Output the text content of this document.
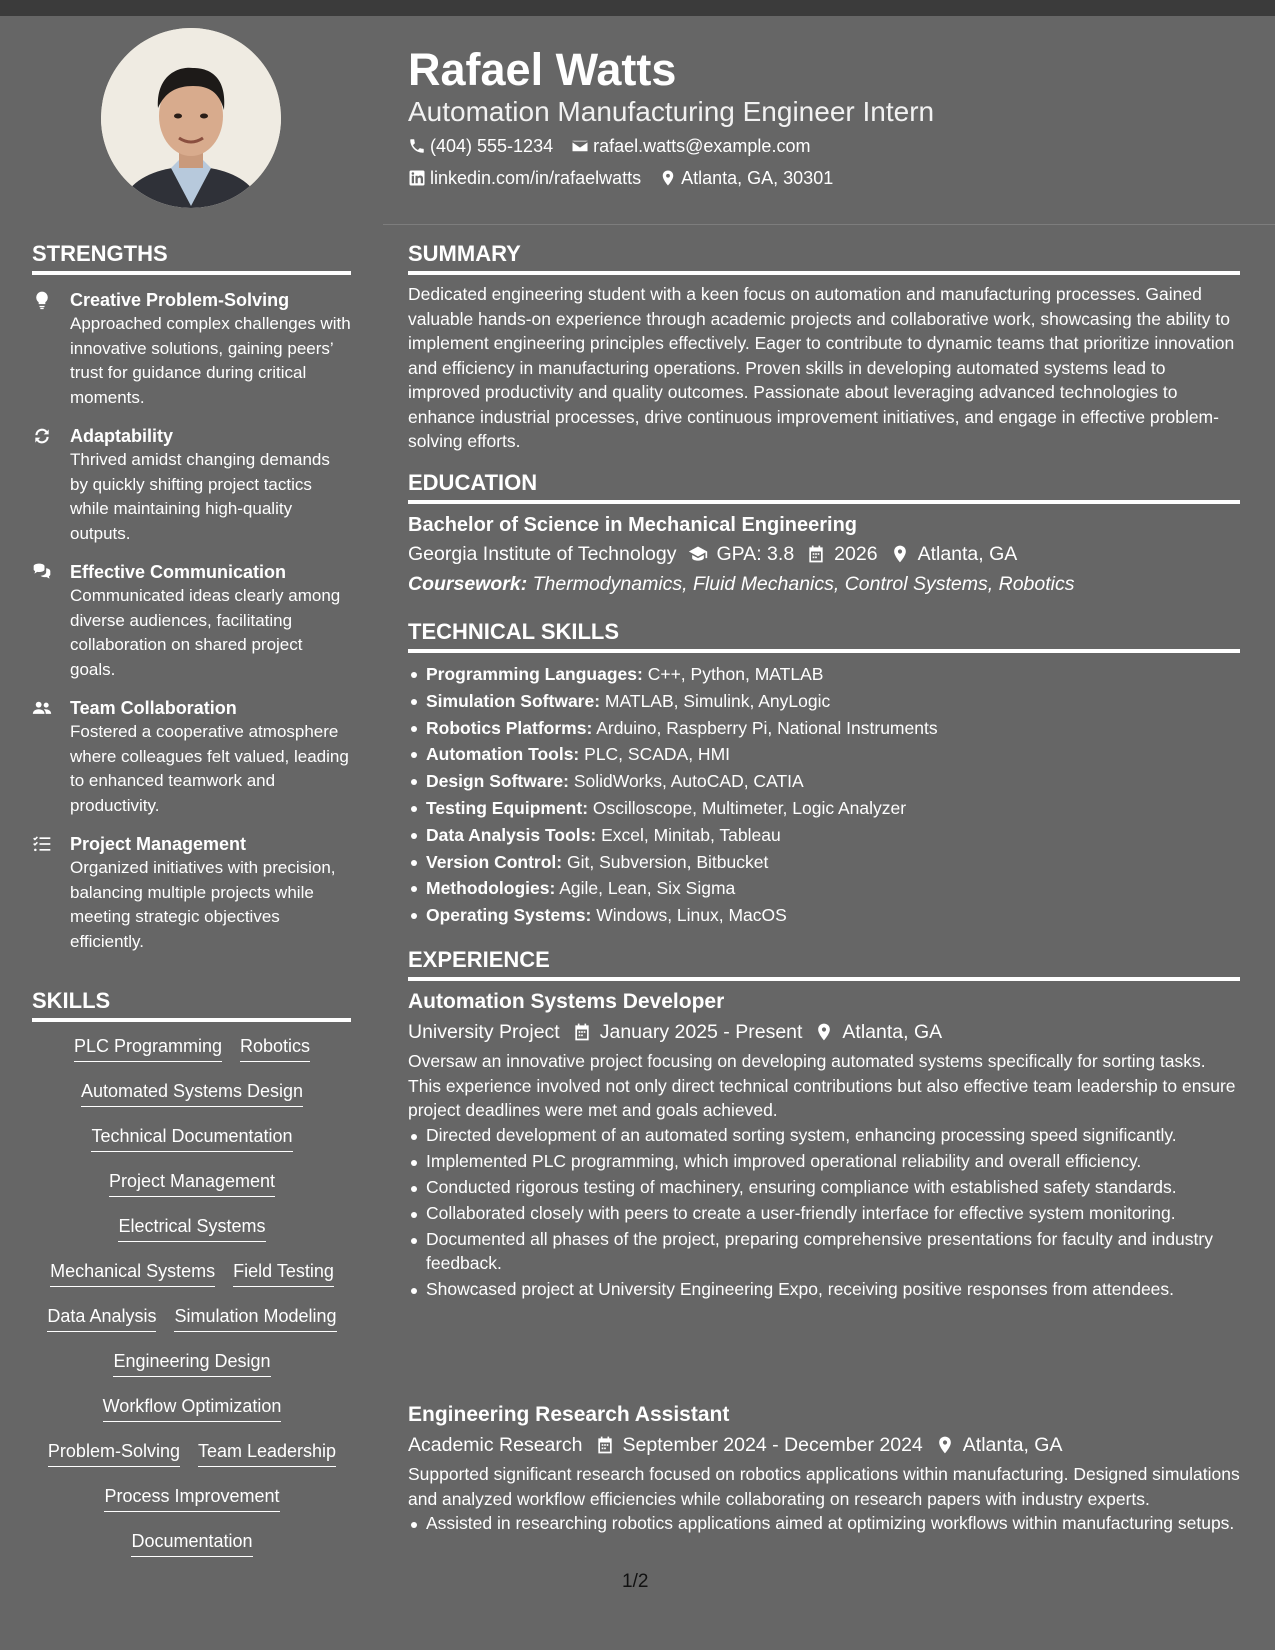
Rafael Watts
Automation Manufacturing Engineer Intern
(404) 555-1234 rafael.watts@example.com
linkedin.com/in/rafaelwatts Atlanta, GA, 30301
STRENGTHS
Creative Problem-Solving
Approached complex challenges with innovative solutions, gaining peers’ trust for guidance during critical moments.
Adaptability
Thrived amidst changing demands by quickly shifting project tactics while maintaining high-quality outputs.
Effective Communication
Communicated ideas clearly among diverse audiences, facilitating collaboration on shared project goals.
Team Collaboration
Fostered a cooperative atmosphere where colleagues felt valued, leading to enhanced teamwork and productivity.
Project Management
Organized initiatives with precision, balancing multiple projects while meeting strategic objectives efficiently.
SKILLS
PLC Programming Robotics
Automated Systems Design
Technical Documentation
Project Management
Electrical Systems
Mechanical Systems Field Testing
Data Analysis Simulation Modeling
Engineering Design
Workflow Optimization
Problem-Solving Team Leadership
Process Improvement
Documentation
SUMMARY

Dedicated engineering student with a keen focus on automation and manufacturing processes. Gained valuable hands-on experience through academic projects and collaborative work, showcasing the ability to implement engineering principles effectively. Eager to contribute to dynamic teams that prioritize innovation and efficiency in manufacturing operations. Proven skills in developing automated systems lead to improved productivity and quality outcomes. Passionate about leveraging advanced technologies to enhance industrial processes, drive continuous improvement initiatives, and engage in effective problem-solving efforts.

EDUCATION
Bachelor of Science in Mechanical Engineering
Georgia Institute of Technology GPA: 3.8 2026 Atlanta, GA
Coursework: Thermodynamics, Fluid Mechanics, Control Systems, Robotics
TECHNICAL SKILLS
Programming Languages: C++, Python, MATLAB
Simulation Software: MATLAB, Simulink, AnyLogic
Robotics Platforms: Arduino, Raspberry Pi, National Instruments
Automation Tools: PLC, SCADA, HMI
Design Software: SolidWorks, AutoCAD, CATIA
Testing Equipment: Oscilloscope, Multimeter, Logic Analyzer
Data Analysis Tools: Excel, Minitab, Tableau
Version Control: Git, Subversion, Bitbucket
Methodologies: Agile, Lean, Six Sigma
Operating Systems: Windows, Linux, MacOS
EXPERIENCE
Automation Systems Developer
University Project January 2025 - Present Atlanta, GA
Oversaw an innovative project focusing on developing automated systems specifically for sorting tasks. This experience involved not only direct technical contributions but also effective team leadership to ensure project deadlines were met and goals achieved.
Directed development of an automated sorting system, enhancing processing speed significantly.
Implemented PLC programming, which improved operational reliability and overall efficiency.
Conducted rigorous testing of machinery, ensuring compliance with established safety standards.
Collaborated closely with peers to create a user-friendly interface for effective system monitoring.
Documented all phases of the project, preparing comprehensive presentations for faculty and industry feedback.
Showcased project at University Engineering Expo, receiving positive responses from attendees.
Engineering Research Assistant
Academic Research September 2024 - December 2024 Atlanta, GA
Supported significant research focused on robotics applications within manufacturing. Designed simulations and analyzed workflow efficiencies while collaborating on research papers with industry experts.
Assisted in researching robotics applications aimed at optimizing workflows within manufacturing setups.
1/2
